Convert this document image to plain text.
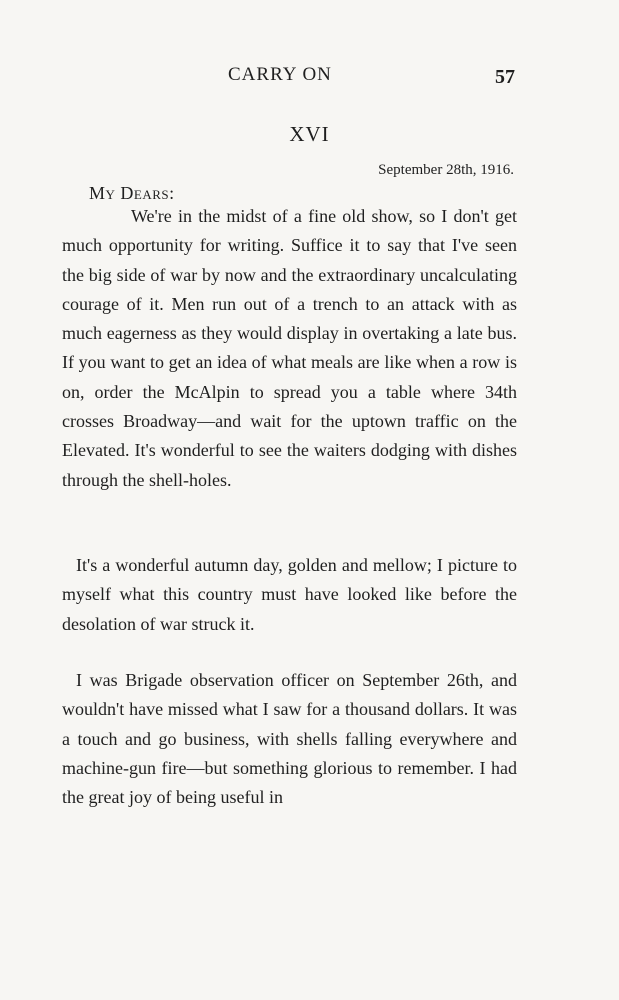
CARRY ON	57
XVI
September 28th, 1916.
My Dears:

We're in the midst of a fine old show, so I don't get much opportunity for writing. Suffice it to say that I've seen the big side of war by now and the extraordinary uncalculating courage of it. Men run out of a trench to an attack with as much eagerness as they would display in overtaking a late bus. If you want to get an idea of what meals are like when a row is on, order the McAlpin to spread you a table where 34th crosses Broadway—and wait for the uptown traffic on the Elevated. It's wonderful to see the waiters dodging with dishes through the shell-holes.

It's a wonderful autumn day, golden and mellow; I picture to myself what this country must have looked like before the desolation of war struck it.

I was Brigade observation officer on September 26th, and wouldn't have missed what I saw for a thousand dollars. It was a touch and go business, with shells falling everywhere and machine-gun fire—but something glorious to remember. I had the great joy of being useful in
